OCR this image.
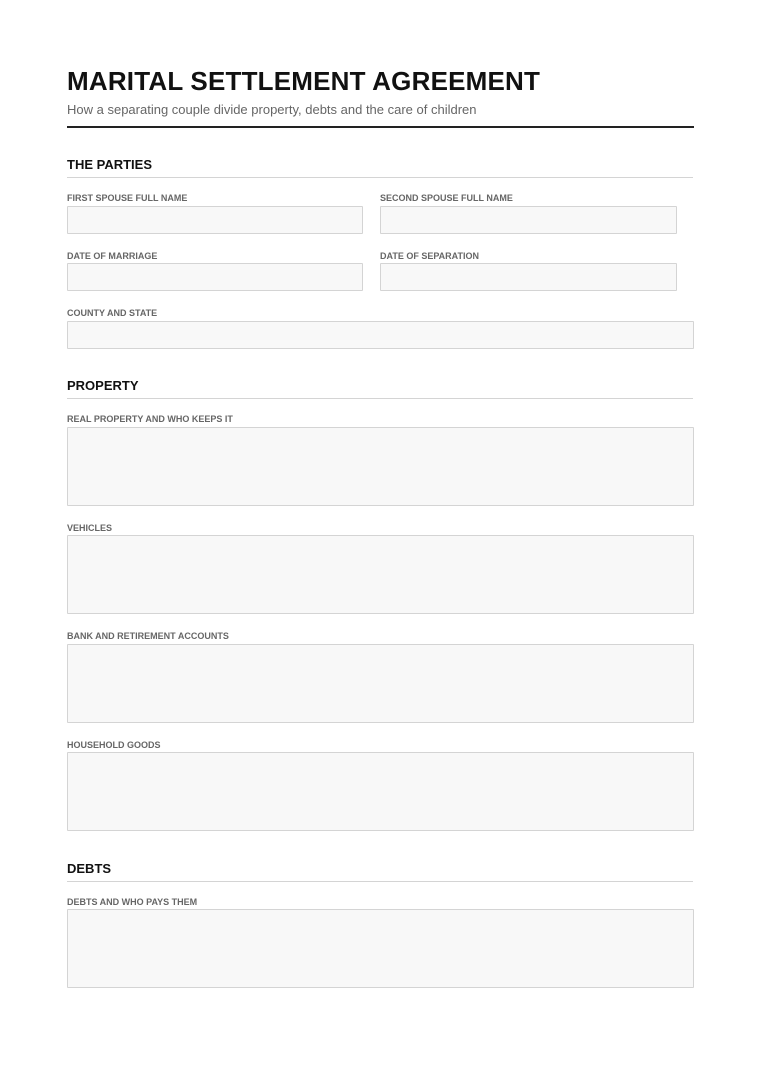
MARITAL SETTLEMENT AGREEMENT

How a separating couple divide property, debts and the care of children

THE PARTIES
FIRST SPOUSE FULL NAME	SECOND SPOUSE FULL NAME
DATE OF MARRIAGE	DATE OF SEPARATION
COUNTY AND STATE
PROPERTY
REAL PROPERTY AND WHO KEEPS IT
VEHICLES
BANK AND RETIREMENT ACCOUNTS
HOUSEHOLD GOODS
DEBTS
DEBTS AND WHO PAYS THEM
